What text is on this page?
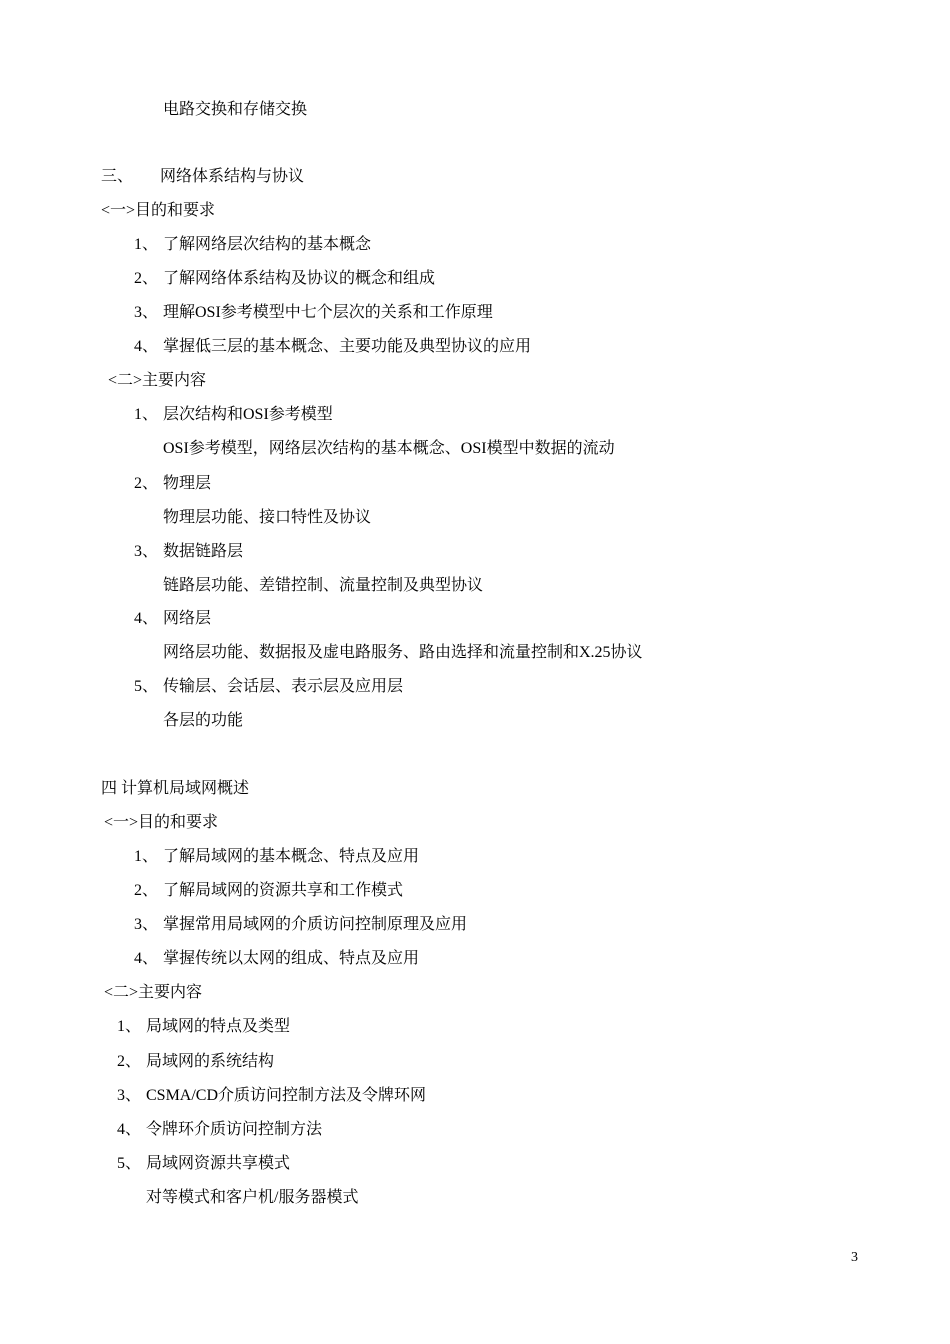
电路交换和存储交换
三、 网络体系结构与协议
<一>目的和要求
1、 了解网络层次结构的基本概念
2、 了解网络体系结构及协议的概念和组成
3、 理解OSI参考模型中七个层次的关系和工作原理
4、 掌握低三层的基本概念、主要功能及典型协议的应用
<二>主要内容
1、 层次结构和OSI参考模型
OSI参考模型，网络层次结构的基本概念、OSI模型中数据的流动
2、 物理层
物理层功能、接口特性及协议
3、 数据链路层
链路层功能、差错控制、流量控制及典型协议
4、 网络层
网络层功能、数据报及虚电路服务、路由选择和流量控制和X.25协议
5、 传输层、会话层、表示层及应用层
各层的功能
四 计算机局域网概述
<一>目的和要求
1、 了解局域网的基本概念、特点及应用
2、 了解局域网的资源共享和工作模式
3、 掌握常用局域网的介质访问控制原理及应用
4、 掌握传统以太网的组成、特点及应用
<二>主要内容
1、 局域网的特点及类型
2、 局域网的系统结构
3、 CSMA/CD介质访问控制方法及令牌环网
4、 令牌环介质访问控制方法
5、 局域网资源共享模式
对等模式和客户机/服务器模式
3
